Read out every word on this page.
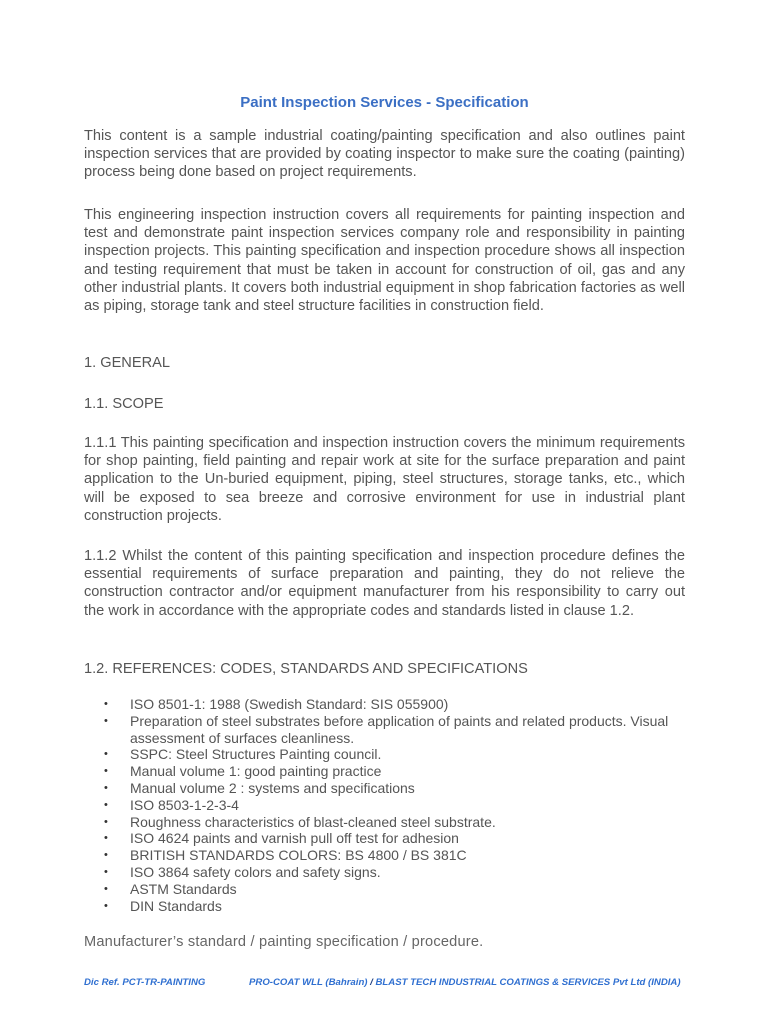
Paint Inspection Services - Specification

This content is a sample industrial coating/painting specification and also outlines paint inspection services that are provided by coating inspector to make sure the coating (painting) process being done based on project requirements.

This engineering inspection instruction covers all requirements for painting inspection and test and demonstrate paint inspection services company role and responsibility in painting inspection projects. This painting specification and inspection procedure shows all inspection and testing requirement that must be taken in account for construction of oil, gas and any other industrial plants. It covers both industrial equipment in shop fabrication factories as well as piping, storage tank and steel structure facilities in construction field.

1. GENERAL
1.1. SCOPE

1.1.1 This painting specification and inspection instruction covers the minimum requirements for shop painting, field painting and repair work at site for the surface preparation and paint application to the Un-buried equipment, piping, steel structures, storage tanks, etc., which will be exposed to sea breeze and corrosive environment for use in industrial plant construction projects.

1.1.2 Whilst the content of this painting specification and inspection procedure defines the essential requirements of surface preparation and painting, they do not relieve the construction contractor and/or equipment manufacturer from his responsibility to carry out the work in accordance with the appropriate codes and standards listed in clause 1.2.

1.2. REFERENCES: CODES, STANDARDS AND SPECIFICATIONS
• ISO 8501-1: 1988 (Swedish Standard: SIS 055900)
• Preparation of steel substrates before application of paints and related products. Visual assessment of surfaces cleanliness.
• SSPC: Steel Structures Painting council.
• Manual volume 1: good painting practice
• Manual volume 2 : systems and specifications
• ISO 8503-1-2-3-4
• Roughness characteristics of blast-cleaned steel substrate.
• ISO 4624 paints and varnish pull off test for adhesion
• BRITISH STANDARDS COLORS: BS 4800 / BS 381C
• ISO 3864 safety colors and safety signs.
• ASTM Standards
• DIN Standards
Manufacturer’s standard / painting specification / procedure.
Dic Ref. PCT-TR-PAINTING	PRO-COAT WLL (Bahrain) / BLAST TECH INDUSTRIAL COATINGS & SERVICES Pvt Ltd (INDIA)
